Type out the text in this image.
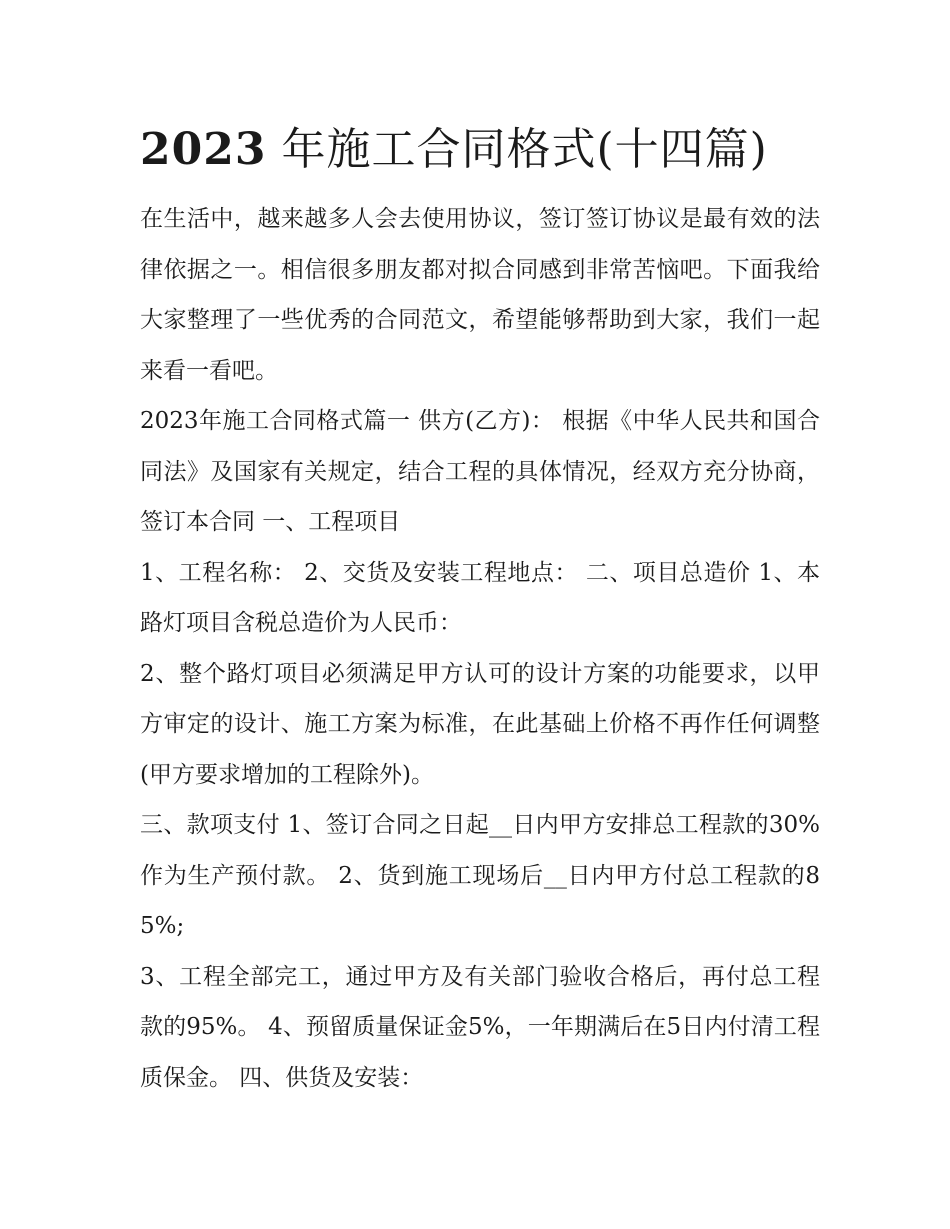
2023 年施工合同格式(十四篇)

在生活中，越来越多人会去使用协议，签订签订协议是最有效的法律依据之一。相信很多朋友都对拟合同感到非常苦恼吧。下面我给大家整理了一些优秀的合同范文，希望能够帮助到大家，我们一起来看一看吧。

2023年施工合同格式篇一 供方(乙方)： 根据《中华人民共和国合同法》及国家有关规定，结合工程的具体情况，经双方充分协商，签订本合同 一、工程项目

1、工程名称： 2、交货及安装工程地点： 二、项目总造价 1、本路灯项目含税总造价为人民币：

2、整个路灯项目必须满足甲方认可的设计方案的功能要求，以甲方审定的设计、施工方案为标准，在此基础上价格不再作任何调整(甲方要求增加的工程除外)。

三、款项支付 1、签订合同之日起__日内甲方安排总工程款的30%作为生产预付款。 2、货到施工现场后__日内甲方付总工程款的85%;

3、工程全部完工，通过甲方及有关部门验收合格后，再付总工程款的95%。 4、预留质量保证金5%，一年期满后在5日内付清工程质保金。 四、供货及安装：
